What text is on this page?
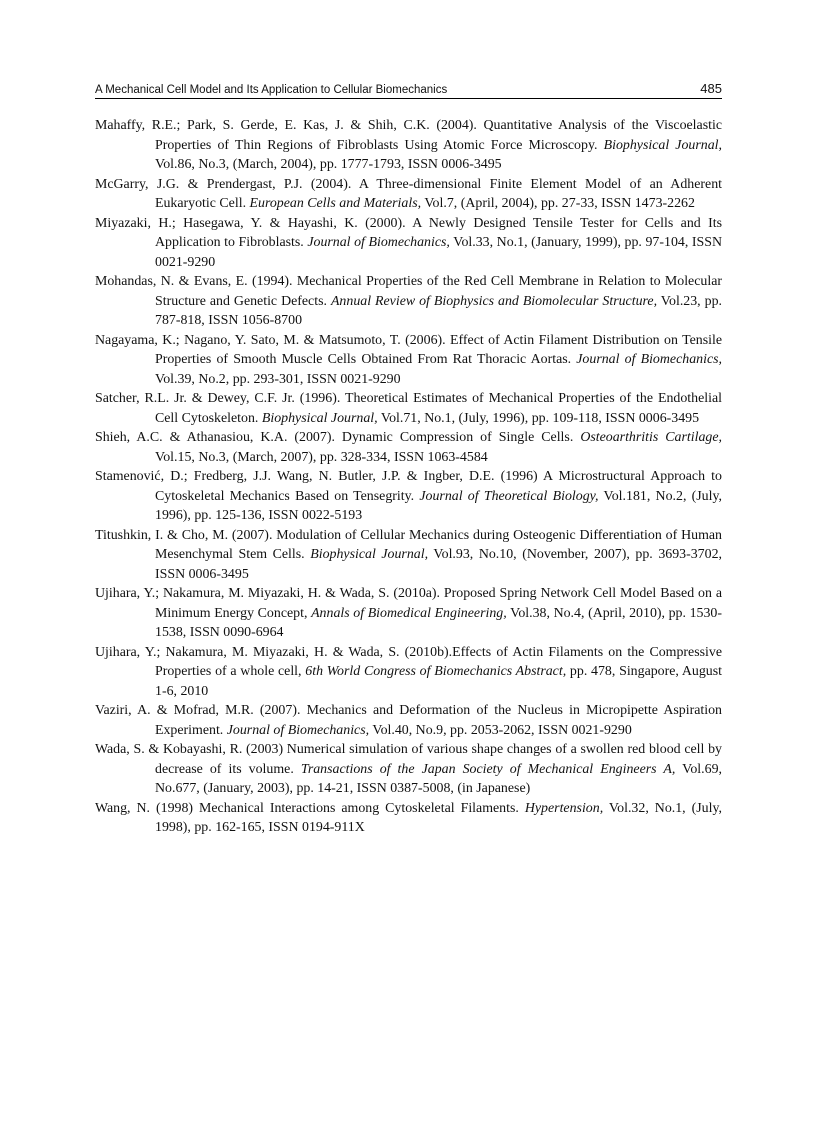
A Mechanical Cell Model and Its Application to Cellular Biomechanics	485

Mahaffy, R.E.; Park, S. Gerde, E. Kas, J. & Shih, C.K. (2004). Quantitative Analysis of the Viscoelastic Properties of Thin Regions of Fibroblasts Using Atomic Force Microscopy. Biophysical Journal, Vol.86, No.3, (March, 2004), pp. 1777-1793, ISSN 0006-3495

McGarry, J.G. & Prendergast, P.J. (2004). A Three-dimensional Finite Element Model of an Adherent Eukaryotic Cell. European Cells and Materials, Vol.7, (April, 2004), pp. 27-33, ISSN 1473-2262

Miyazaki, H.; Hasegawa, Y. & Hayashi, K. (2000). A Newly Designed Tensile Tester for Cells and Its Application to Fibroblasts. Journal of Biomechanics, Vol.33, No.1, (January, 1999), pp. 97-104, ISSN 0021-9290

Mohandas, N. & Evans, E. (1994). Mechanical Properties of the Red Cell Membrane in Relation to Molecular Structure and Genetic Defects. Annual Review of Biophysics and Biomolecular Structure, Vol.23, pp. 787-818, ISSN 1056-8700

Nagayama, K.; Nagano, Y. Sato, M. & Matsumoto, T. (2006). Effect of Actin Filament Distribution on Tensile Properties of Smooth Muscle Cells Obtained From Rat Thoracic Aortas. Journal of Biomechanics, Vol.39, No.2, pp. 293-301, ISSN 0021-9290

Satcher, R.L. Jr. & Dewey, C.F. Jr. (1996). Theoretical Estimates of Mechanical Properties of the Endothelial Cell Cytoskeleton. Biophysical Journal, Vol.71, No.1, (July, 1996), pp. 109-118, ISSN 0006-3495

Shieh, A.C. & Athanasiou, K.A. (2007). Dynamic Compression of Single Cells. Osteoarthritis Cartilage, Vol.15, No.3, (March, 2007), pp. 328-334, ISSN 1063-4584

Stamenović, D.; Fredberg, J.J. Wang, N. Butler, J.P. & Ingber, D.E. (1996) A Microstructural Approach to Cytoskeletal Mechanics Based on Tensegrity. Journal of Theoretical Biology, Vol.181, No.2, (July, 1996), pp. 125-136, ISSN 0022-5193

Titushkin, I. & Cho, M. (2007). Modulation of Cellular Mechanics during Osteogenic Differentiation of Human Mesenchymal Stem Cells. Biophysical Journal, Vol.93, No.10, (November, 2007), pp. 3693-3702, ISSN 0006-3495

Ujihara, Y.; Nakamura, M. Miyazaki, H. & Wada, S. (2010a). Proposed Spring Network Cell Model Based on a Minimum Energy Concept, Annals of Biomedical Engineering, Vol.38, No.4, (April, 2010), pp. 1530-1538, ISSN 0090-6964

Ujihara, Y.; Nakamura, M. Miyazaki, H. & Wada, S. (2010b).Effects of Actin Filaments on the Compressive Properties of a whole cell, 6th World Congress of Biomechanics Abstract, pp. 478, Singapore, August 1-6, 2010

Vaziri, A. & Mofrad, M.R. (2007). Mechanics and Deformation of the Nucleus in Micropipette Aspiration Experiment. Journal of Biomechanics, Vol.40, No.9, pp. 2053-2062, ISSN 0021-9290

Wada, S. & Kobayashi, R. (2003) Numerical simulation of various shape changes of a swollen red blood cell by decrease of its volume. Transactions of the Japan Society of Mechanical Engineers A, Vol.69, No.677, (January, 2003), pp. 14-21, ISSN 0387-5008, (in Japanese)

Wang, N. (1998) Mechanical Interactions among Cytoskeletal Filaments. Hypertension, Vol.32, No.1, (July, 1998), pp. 162-165, ISSN 0194-911X
